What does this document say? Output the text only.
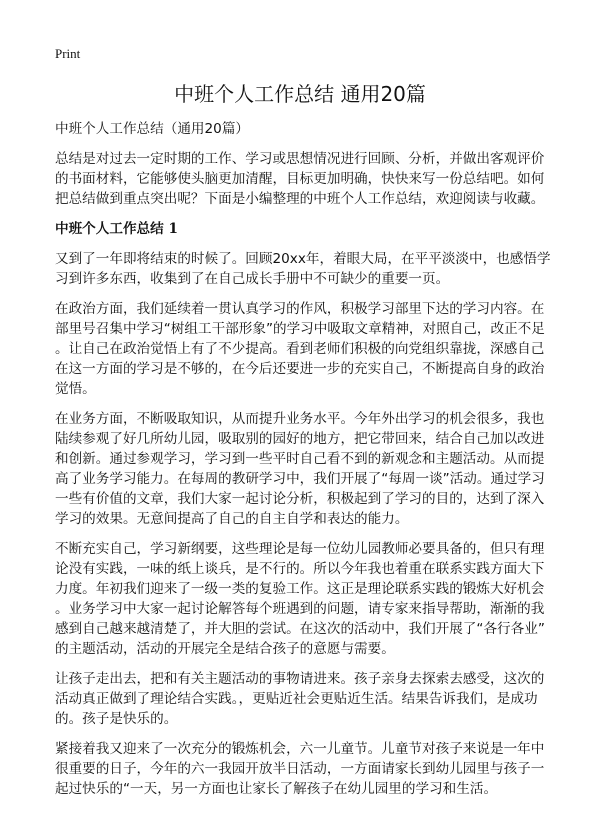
Print
中班个人工作总结 通用20篇
中班个人工作总结（通用20篇）
总结是对过去一定时期的工作、学习或思想情况进行回顾、分析，并做出客观评价
的书面材料，它能够使头脑更加清醒，目标更加明确，快快来写一份总结吧。如何
把总结做到重点突出呢？下面是小编整理的中班个人工作总结，欢迎阅读与收藏。
中班个人工作总结 1
又到了一年即将结束的时候了。回顾20xx年，着眼大局，在平平淡淡中，也感悟学
习到许多东西，收集到了在自己成长手册中不可缺少的重要一页。
在政治方面，我们延续着一贯认真学习的作风，积极学习部里下达的学习内容。在
部里号召集中学习“树组工干部形象”的学习中吸取文章精神，对照自己，改正不足
。让自己在政治觉悟上有了不少提高。看到老师们积极的向党组织靠拢，深感自己
在这一方面的学习是不够的，在今后还要进一步的充实自己，不断提高自身的政治
觉悟。
在业务方面，不断吸取知识，从而提升业务水平。今年外出学习的机会很多，我也
陆续参观了好几所幼儿园，吸取别的园好的地方，把它带回来，结合自己加以改进
和创新。通过参观学习，学习到一些平时自己看不到的新观念和主题活动。从而提
高了业务学习能力。在每周的教研学习中，我们开展了“每周一谈”活动。通过学习
一些有价值的文章，我们大家一起讨论分析，积极起到了学习的目的，达到了深入
学习的效果。无意间提高了自己的自主自学和表达的能力。
不断充实自己，学习新纲要，这些理论是每一位幼儿园教师必要具备的，但只有理
论没有实践，一味的纸上谈兵，是不行的。所以今年我也着重在联系实践方面大下
力度。年初我们迎来了一级一类的复验工作。这正是理论联系实践的锻炼大好机会
。业务学习中大家一起讨论解答每个班遇到的问题，请专家来指导帮助，渐渐的我
感到自己越来越清楚了，并大胆的尝试。在这次的活动中，我们开展了“各行各业”
的主题活动，活动的开展完全是结合孩子的意愿与需要。
让孩子走出去，把和有关主题活动的事物请进来。孩子亲身去探索去感受，这次的
活动真正做到了理论结合实践。，更贴近社会更贴近生活。结果告诉我们，是成功
的。孩子是快乐的。
紧接着我又迎来了一次充分的锻炼机会，六一儿童节。儿童节对孩子来说是一年中
很重要的日子，今年的六一我园开放半日活动，一方面请家长到幼儿园里与孩子一
起过快乐的“一天，另一方面也让家长了解孩子在幼儿园里的学习和生活。
